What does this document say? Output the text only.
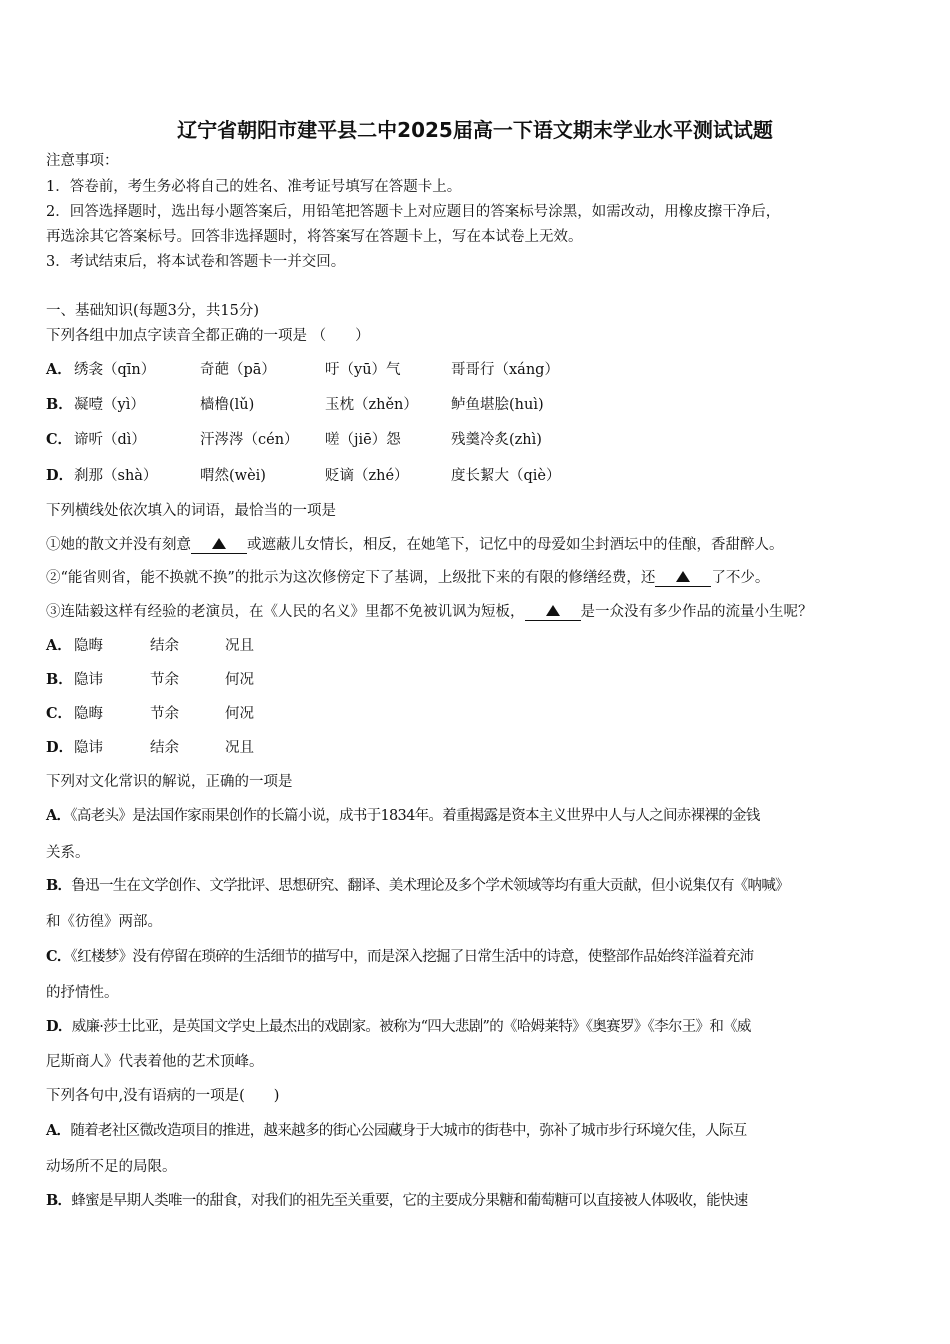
辽宁省朝阳市建平县二中2025届高一下语文期末学业水平测试试题
注意事项：
1．答卷前，考生务必将自己的姓名、准考证号填写在答题卡上。
2．回答选择题时，选出每小题答案后，用铅笔把答题卡上对应题目的答案标号涂黑，如需改动，用橡皮擦干净后，
再选涂其它答案标号。回答非选择题时，将答案写在答题卡上，写在本试卷上无效。
3．考试结束后，将本试卷和答题卡一并交回。
一、基础知识(每题3分，共15分)
下列各组中加点字读音全都正确的一项是 （　　）
A． 绣衾（qīn）	奇葩（pā）	吁（yū）气	哥哥行（xáng）
B． 凝噎（yì）	樯橹(lǔ)	玉枕（zhěn） 鲈鱼堪脍(huì)
C． 谛听（dì）	汗涔涔（cén） 嗟（jiē）怨	残羹冷炙(zhì)
D． 刹那（shà）	喟然(wèi)	贬谪（zhé）	度长絜大（qiè）
下列横线处依次填入的词语，最恰当的一项是
①她的散文并没有刻意	或遮蔽儿女情长，相反，在她笔下，记忆中的母爱如尘封酒坛中的佳酿，香甜醉人。
②“能省则省，能不换就不换”的批示为这次修傍定下了基调，上级批下来的有限的修缮经费，还	了不少。
③连陆毅这样有经验的老演员，在《人民的名义》里都不免被讥讽为短板，	是一众没有多少作品的流量小生呢？
A． 隐晦	结余	况且
B． 隐讳	节余	何况
C． 隐晦	节余	何况
D． 隐讳	结余	况且
下列对文化常识的解说，正确的一项是
A．《高老头》是法国作家雨果创作的长篇小说，成书于1834年。着重揭露是资本主义世界中人与人之间赤裸裸的金钱
关系。
B．鲁迅一生在文学创作、文学批评、思想研究、翻译、美术理论及多个学术领域等均有重大贡献，但小说集仅有《呐喊》
和《彷徨》两部。
C．《红楼梦》没有停留在琐碎的生活细节的描写中，而是深入挖掘了日常生活中的诗意，使整部作品始终洋溢着充沛
的抒情性。
D．威廉·莎士比亚，是英国文学史上最杰出的戏剧家。被称为“四大悲剧”的《哈姆莱特》《奥赛罗》《李尔王》和《威
尼斯商人》代表着他的艺术顶峰。
下列各句中,没有语病的一项是(　　)
A．随着老社区微改造项目的推进，越来越多的街心公园藏身于大城市的街巷中，弥补了城市步行环境欠佳，人际互
动场所不足的局限。
B．蜂蜜是早期人类唯一的甜食，对我们的祖先至关重要，它的主要成分果糖和葡萄糖可以直接被人体吸收，能快速
